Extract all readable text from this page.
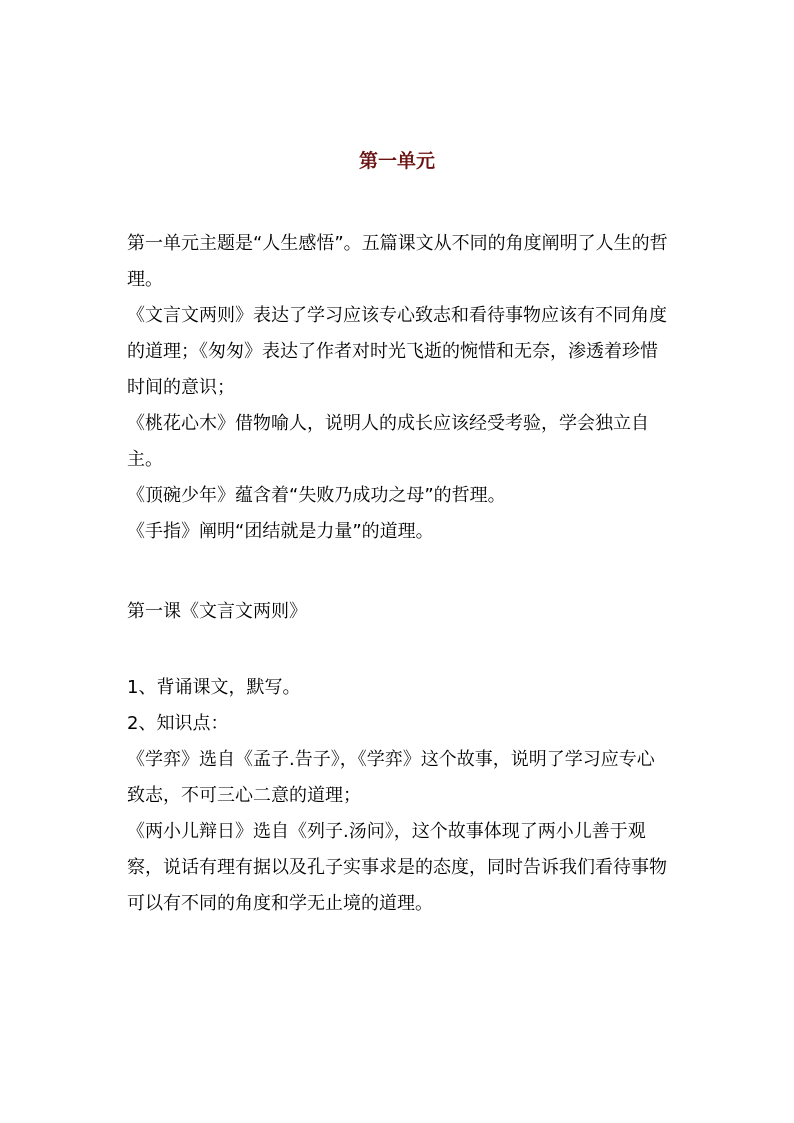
第一单元

第一单元主题是“人生感悟”。五篇课文从不同的角度阐明了人生的哲理。

《文言文两则》表达了学习应该专心致志和看待事物应该有不同角度的道理；《匆匆》表达了作者对时光飞逝的惋惜和无奈，渗透着珍惜时间的意识；

《桃花心木》借物喻人，说明人的成长应该经受考验，学会独立自主。

《顶碗少年》蕴含着“失败乃成功之母”的哲理。

《手指》阐明“团结就是力量”的道理。

第一课《文言文两则》

1、背诵课文，默写。

2、知识点：

《学弈》选自《孟子.告子》，《学弈》这个故事，说明了学习应专心致志，不可三心二意的道理；

《两小儿辩日》选自《列子.汤问》，这个故事体现了两小儿善于观察，说话有理有据以及孔子实事求是的态度，同时告诉我们看待事物可以有不同的角度和学无止境的道理。
